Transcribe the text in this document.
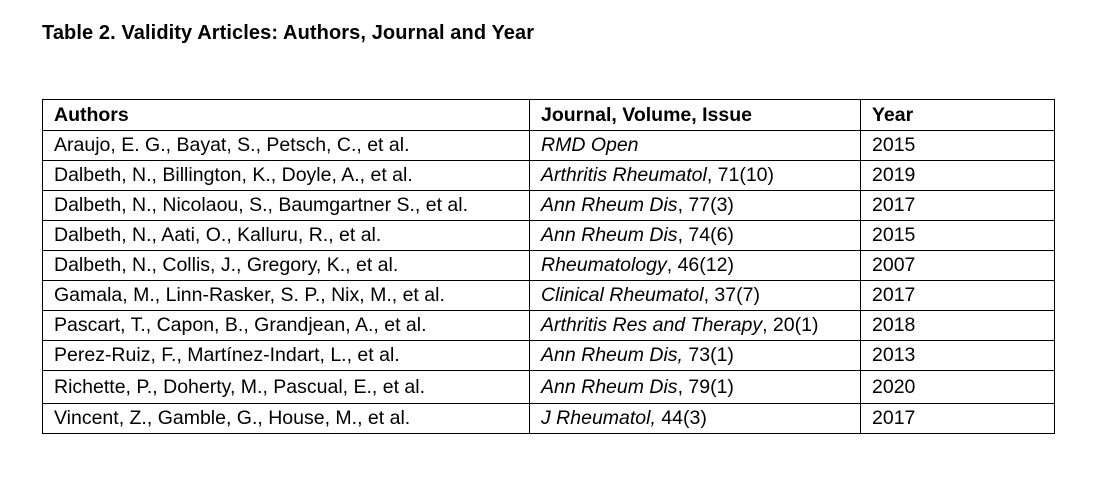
Table 2. Validity Articles: Authors, Journal and Year
Authors	Journal, Volume, Issue	Year
Araujo, E. G., Bayat, S., Petsch, C., et al.	RMD Open	2015
Dalbeth, N., Billington, K., Doyle, A., et al.	Arthritis Rheumatol, 71(10)	2019
Dalbeth, N., Nicolaou, S., Baumgartner S., et al.	Ann Rheum Dis, 77(3)	2017
Dalbeth, N., Aati, O., Kalluru, R., et al.	Ann Rheum Dis, 74(6)	2015
Dalbeth, N., Collis, J., Gregory, K., et al.	Rheumatology, 46(12)	2007
Gamala, M., Linn-Rasker, S. P., Nix, M., et al.	Clinical Rheumatol, 37(7)	2017
Pascart, T., Capon, B., Grandjean, A., et al.	Arthritis Res and Therapy, 20(1)	2018
Perez-Ruiz, F., Martínez-Indart, L., et al.	Ann Rheum Dis, 73(1)	2013
Richette, P., Doherty, M., Pascual, E., et al.	Ann Rheum Dis, 79(1)	2020
Vincent, Z., Gamble, G., House, M., et al.	J Rheumatol, 44(3)	2017
